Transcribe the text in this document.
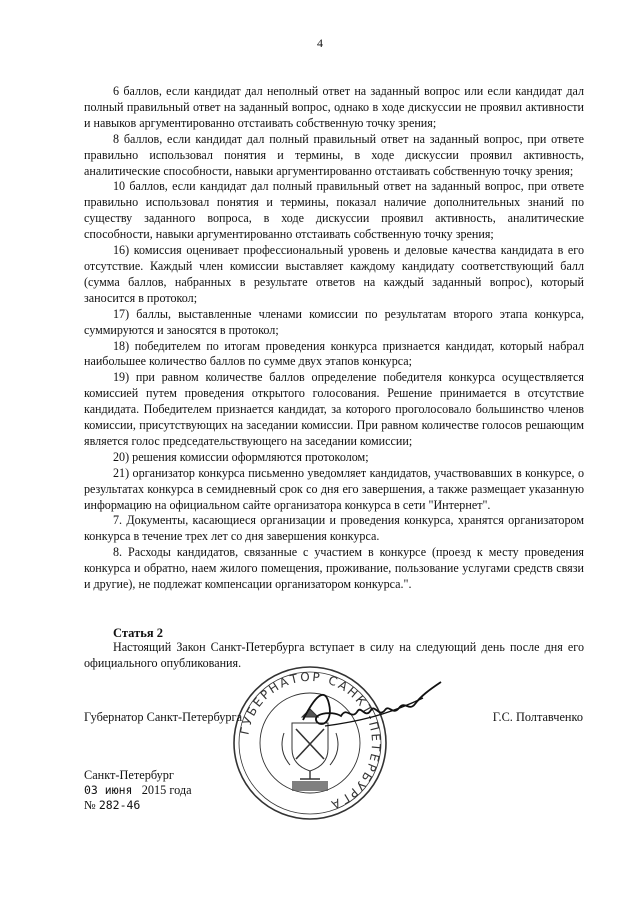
4

6 баллов, если кандидат дал неполный ответ на заданный вопрос или если кандидат дал полный правильный ответ на заданный вопрос, однако в ходе дискуссии не проявил активности и навыков аргументированно отстаивать собственную точку зрения;

8 баллов, если кандидат дал полный правильный ответ на заданный вопрос, при ответе правильно использовал понятия и термины, в ходе дискуссии проявил активность, аналитические способности, навыки аргументированно отстаивать собственную точку зрения;

10 баллов, если кандидат дал полный правильный ответ на заданный вопрос, при ответе правильно использовал понятия и термины, показал наличие дополнительных знаний по существу заданного вопроса, в ходе дискуссии проявил активность, аналитические способности, навыки аргументированно отстаивать собственную точку зрения;

16) комиссия оценивает профессиональный уровень и деловые качества кандидата в его отсутствие. Каждый член комиссии выставляет каждому кандидату соответствующий балл (сумма баллов, набранных в результате ответов на каждый заданный вопрос), который заносится в протокол;

17) баллы, выставленные членами комиссии по результатам второго этапа конкурса, суммируются и заносятся в протокол;

18) победителем по итогам проведения конкурса признается кандидат, который набрал наибольшее количество баллов по сумме двух этапов конкурса;

19) при равном количестве баллов определение победителя конкурса осуществляется комиссией путем проведения открытого голосования. Решение принимается в отсутствие кандидата. Победителем признается кандидат, за которого проголосовало большинство членов комиссии, присутствующих на заседании комиссии. При равном количестве голосов решающим является голос председательствующего на заседании комиссии;

20) решения комиссии оформляются протоколом;

21) организатор конкурса письменно уведомляет кандидатов, участвовавших в конкурсе, о результатах конкурса в семидневный срок со дня его завершения, а также размещает указанную информацию на официальном сайте организатора конкурса в сети "Интернет".

7. Документы, касающиеся организации и проведения конкурса, хранятся организатором конкурса в течение трех лет со дня завершения конкурса.

8. Расходы кандидатов, связанные с участием в конкурсе (проезд к месту проведения конкурса и обратно, наем жилого помещения, проживание, пользование услугами средств связи и другие), не подлежат компенсации организатором конкурса.".

Статья 2
Настоящий Закон Санкт-Петербурга вступает в силу на следующий день после дня его официального опубликования.
ГУБЕРНАТОР САНКТ-ПЕТЕРБУРГА
Губернатор Санкт-Петербурга	Г.С. Полтавченко
Санкт-Петербург
03 июня 2015 года
№ 282-46
